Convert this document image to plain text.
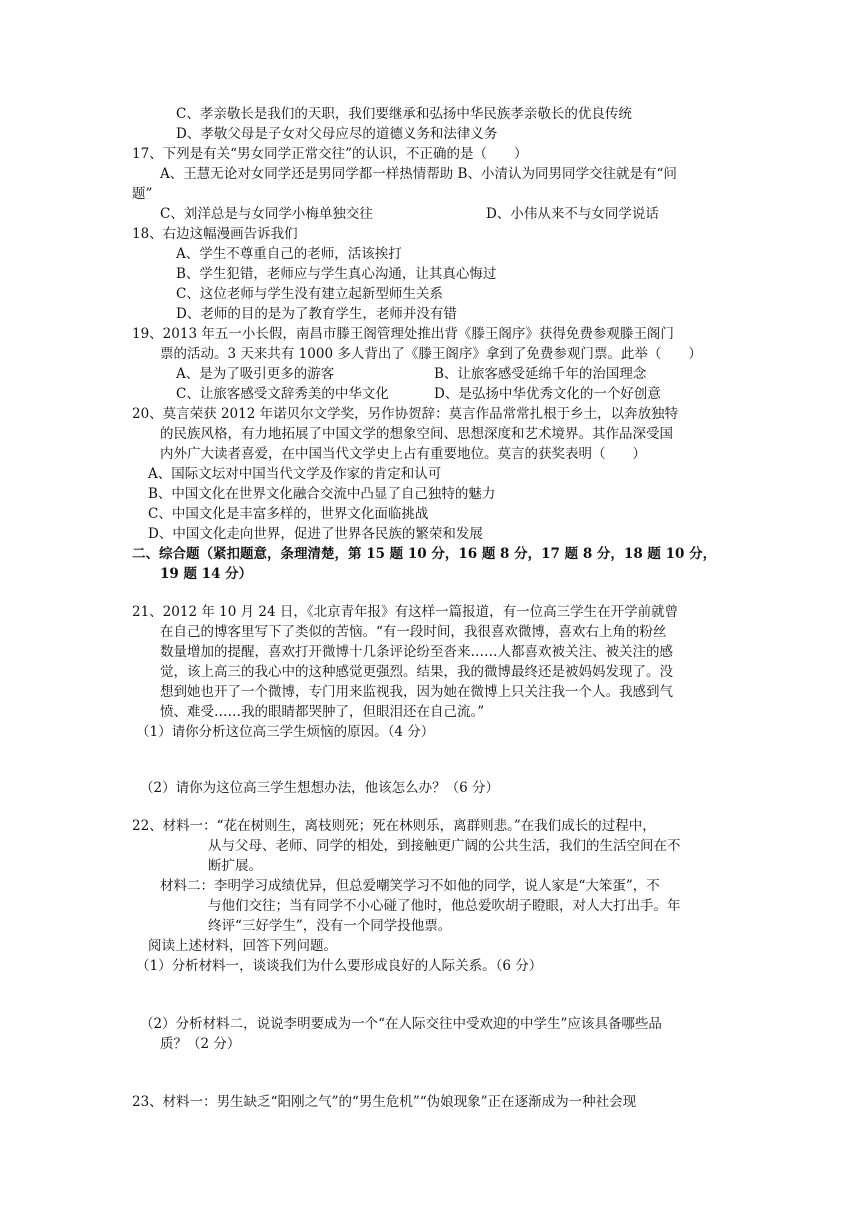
C、孝亲敬长是我们的天职，我们要继承和弘扬中华民族孝亲敬长的优良传统
D、孝敬父母是子女对父母应尽的道德义务和法律义务
17、下列是有关“男女同学正常交往”的认识，不正确的是（　　）
A、王慧无论对女同学还是男同学都一样热情帮助 B、小清认为同男同学交往就是有“问
题”
C、刘洋总是与女同学小梅单独交往	D、小伟从来不与女同学说话
18、右边这幅漫画告诉我们
A、学生不尊重自己的老师，活该挨打
B、学生犯错，老师应与学生真心沟通，让其真心悔过
C、这位老师与学生没有建立起新型师生关系
D、老师的目的是为了教育学生，老师并没有错
19、2013 年五一小长假，南昌市滕王阁管理处推出背《滕王阁序》获得免费参观滕王阁门
票的活动。3 天来共有 1000 多人背出了《滕王阁序》拿到了免费参观门票。此举（　　）
A、是为了吸引更多的游客	B、让旅客感受延绵千年的治国理念
C、让旅客感受文辞秀美的中华文化	D、是弘扬中华优秀文化的一个好创意
20、莫言荣获 2012 年诺贝尔文学奖，另作协贺辞：莫言作品常常扎根于乡土，以奔放独特
的民族风格，有力地拓展了中国文学的想象空间、思想深度和艺术境界。其作品深受国
内外广大读者喜爱，在中国当代文学史上占有重要地位。莫言的获奖表明（　　）
A、国际文坛对中国当代文学及作家的肯定和认可
B、中国文化在世界文化融合交流中凸显了自己独特的魅力
C、中国文化是丰富多样的，世界文化面临挑战
D、中国文化走向世界，促进了世界各民族的繁荣和发展
二、综合题（紧扣题意，条理清楚，第 15 题 10 分，16 题 8 分，17 题 8 分，18 题 10 分，
19 题 14 分）
21、2012 年 10 月 24 日，《北京青年报》有这样一篇报道，有一位高三学生在开学前就曾
在自己的博客里写下了类似的苦恼。“有一段时间，我很喜欢微博，喜欢右上角的粉丝
数量增加的提醒，喜欢打开微博十几条评论纷至沓来……人都喜欢被关注、被关注的感
觉，该上高三的我心中的这种感觉更强烈。结果，我的微博最终还是被妈妈发现了。没
想到她也开了一个微博，专门用来监视我，因为她在微博上只关注我一个人。我感到气
愤、难受……我的眼睛都哭肿了，但眼泪还在自己流。”
（1）请你分析这位高三学生烦恼的原因。（4 分）
（2）请你为这位高三学生想想办法，他该怎么办？（6 分）
22、材料一：“花在树则生，离枝则死；死在林则乐，离群则悲。”在我们成长的过程中，
从与父母、老师、同学的相处，到接触更广阔的公共生活，我们的生活空间在不
断扩展。
材料二：李明学习成绩优异，但总爱嘲笑学习不如他的同学，说人家是“大笨蛋”，不
与他们交往；当有同学不小心碰了他时，他总爱吹胡子瞪眼，对人大打出手。年
终评“三好学生”，没有一个同学投他票。
阅读上述材料，回答下列问题。
（1）分析材料一，谈谈我们为什么要形成良好的人际关系。（6 分）
（2）分析材料二，说说李明要成为一个“在人际交往中受欢迎的中学生”应该具备哪些品
质？（2 分）
23、材料一：男生缺乏“阳刚之气”的“男生危机”“伪娘现象”正在逐渐成为一种社会现
